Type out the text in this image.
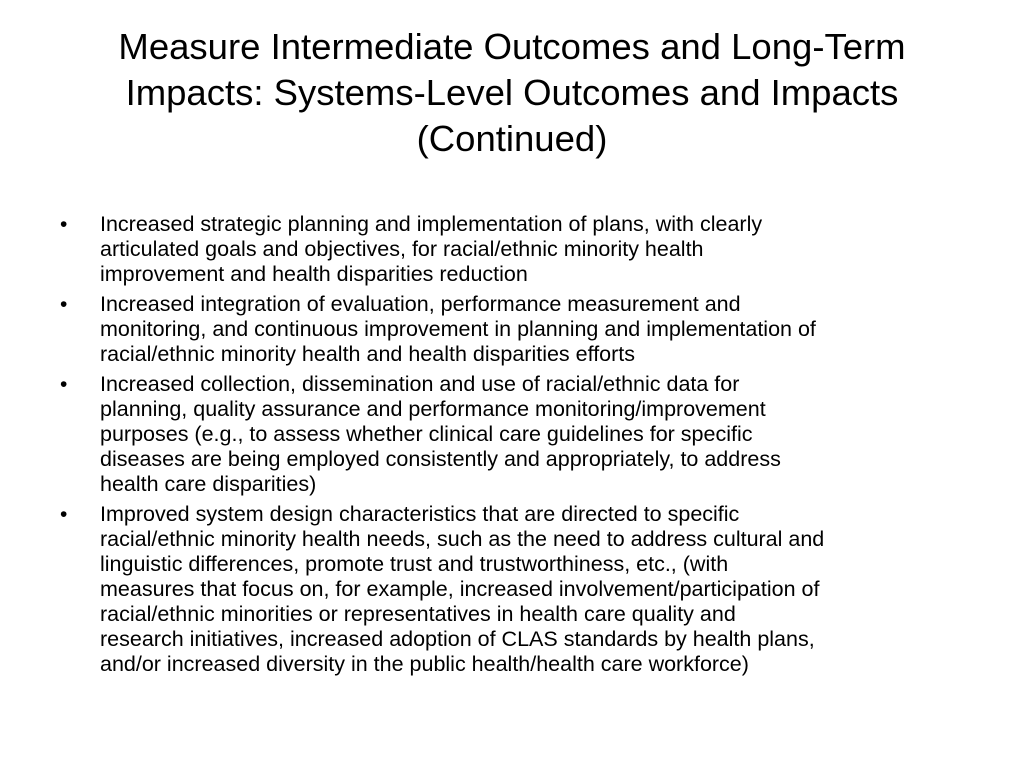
Measure Intermediate Outcomes and Long-Term
Impacts: Systems-Level Outcomes and Impacts
(Continued)
• Increased strategic planning and implementation of plans, with clearly
articulated goals and objectives, for racial/ethnic minority health
improvement and health disparities reduction
• Increased integration of evaluation, performance measurement and
monitoring, and continuous improvement in planning and implementation of
racial/ethnic minority health and health disparities efforts
• Increased collection, dissemination and use of racial/ethnic data for
planning, quality assurance and performance monitoring/improvement
purposes (e.g., to assess whether clinical care guidelines for specific
diseases are being employed consistently and appropriately, to address
health care disparities)
• Improved system design characteristics that are directed to specific
racial/ethnic minority health needs, such as the need to address cultural and
linguistic differences, promote trust and trustworthiness, etc., (with
measures that focus on, for example, increased involvement/participation of
racial/ethnic minorities or representatives in health care quality and
research initiatives, increased adoption of CLAS standards by health plans,
and/or increased diversity in the public health/health care workforce)
